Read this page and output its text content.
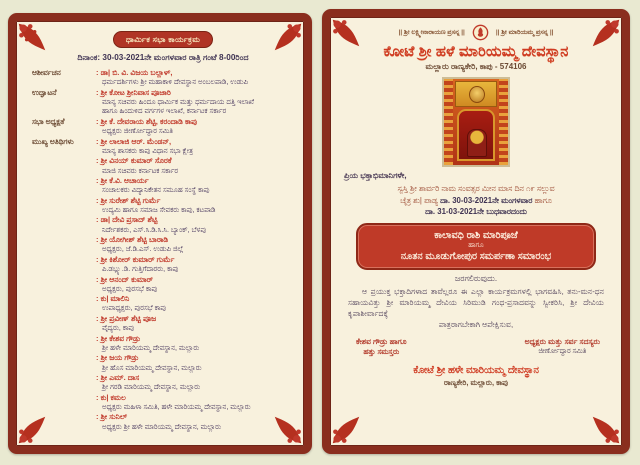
ಧಾರ್ಮಿಕ ಸಭಾ ಕಾರ್ಯಕ್ರಮ
ದಿನಾಂಕ: 30-03-2021ನೇ ಮಂಗಳವಾರ ರಾತ್ರಿ ಗಂಟೆ 8-00ರಿಂದ
ಆಶೀರ್ವಚನ	: ಡಾ| ಬಿ. ವಿ. ವಿಜಯ ಬಲ್ಲಾಳ್,
ಧರ್ಮದರ್ಶಿಗಳು ಶ್ರೀ ಮಹಾಕಾಳಿ ದೇವಸ್ಥಾನ ಅಂಬಲಪಾಡಿ, ಉಡುಪಿ
ಉದ್ಘಾಟನೆ	: ಶ್ರೀ ಕೋಟ ಶ್ರೀನಿವಾಸ ಪೂಜಾರಿ
ಮಾನ್ಯ ಸಚಿವರು ಹಿಂದೂ ಧಾರ್ಮಿಕ ಮತ್ತು ಧರ್ಮದಾಯ ದತ್ತಿ ಇಲಾಖೆ
ಹಾಗೂ ಹಿಂದುಳಿದ ವರ್ಗಗಳ ಇಲಾಖೆ, ಕರ್ನಾಟಕ ಸರ್ಕಾರ
ಸಭಾ ಅಧ್ಯಕ್ಷತೆ	: ಶ್ರೀ ಕೆ. ದೇವರಾಯ ಶೆಟ್ಟಿ, ಕರಂದಾಡಿ ಕಾಪು
ಅಧ್ಯಕ್ಷರು ಜೀರ್ಣೋದ್ಧಾರ ಸಮಿತಿ
ಮುಖ್ಯ ಅತಿಥಿಗಳು	: ಶ್ರೀ ಲಾಲಾಜಿ ಆರ್. ಮೆಂಡನ್,
ಮಾನ್ಯ ಶಾಸಕರು ಕಾಪು ವಿಧಾನ ಸಭಾ ಕ್ಷೇತ್ರ
: ಶ್ರೀ ವಿನಯ್ ಕುಮಾರ್ ಸೊರಕೆ
ಮಾಜಿ ಸಚಿವರು ಕರ್ನಾಟಕ ಸರ್ಕಾರ
: ಶ್ರೀ ಕೆ.ವಿ. ಆಚಾರ್ಯ
ಸಂಚಾಲಕರು ವಿದ್ಯಾನಿಕೇತನ ಸಮೂಹ ಸಂಸ್ಥೆ ಕಾಪು
: ಶ್ರೀ ಸುರೇಶ್ ಶೆಟ್ಟಿ ಗುರ್ಮೆ
ಉದ್ಯಮಿ ಹಾಗೂ ಸಮಾಜ ಸೇವಕರು ಕಾಪು, ಕಟಪಾಡಿ
: ಡಾ| ದೇವಿ ಪ್ರಸಾದ್ ಶೆಟ್ಟಿ
ನಿರ್ದೇಶಕರು, ಎಸ್.ಸಿ.ಡಿ.ಸಿ.ಸಿ. ಬ್ಯಾಂಕ್, ಬೆಳಪು
: ಶ್ರೀ ಯೋಗೀಶ್ ಶೆಟ್ಟಿ ಬಾರಾಡಿ
ಅಧ್ಯಕ್ಷರು, ಜೆ.ಡಿ.ಎಸ್. ಉಡುಪಿ ಜಿಲ್ಲೆ
: ಶ್ರೀ ಕಿಶೋರ್ ಕುಮಾರ್ ಗುರ್ಮೆ
ಪಿ.ಡಬ್ಲ್ಯು.ಡಿ. ಗುತ್ತಿಗೆದಾರರು, ಕಾಪು
: ಶ್ರೀ ಆನಂದ್ ಕುಮಾರ್
ಅಧ್ಯಕ್ಷರು, ಪುರಸಭೆ ಕಾಪು
: ಕು| ಮಾಲಿನಿ
ಉಪಾಧ್ಯಕ್ಷರು, ಪುರಸಭೆ ಕಾಪು
: ಶ್ರೀ ಪ್ರವೀಣ್ ಶೆಟ್ಟಿ ಪೂಜ
ವೈದ್ಯರು, ಕಾಪು
: ಶ್ರೀ ಕೇಶವ ಗೌಡ್ರು
ಶ್ರೀ ಹಳೇ ಮಾರಿಯಮ್ಮ ದೇವಸ್ಥಾನ, ಮಲ್ಲಾರು
: ಶ್ರೀ ಜಯ ಗೌಡ್ರು
ಶ್ರೀ ಹೊಸ ಮಾರಿಯಮ್ಮ ದೇವಸ್ಥಾನ, ಮಲ್ಲಾರು
: ಶ್ರೀ ಎಮ್. ದಾಸ
ಶ್ರೀ ಗರಡಿ ಮಾರಿಯಮ್ಮ ದೇವಸ್ಥಾನ, ಮಲ್ಲಾರು
: ಕು| ಕಮಲ
ಅಧ್ಯಕ್ಷರು ಮಹಿಳಾ ಸಮಿತಿ, ಹಳೇ ಮಾರಿಯಮ್ಮ ದೇವಸ್ಥಾನ, ಮಲ್ಲಾರು
: ಶ್ರೀ ಸುನಿಲ್
ಅಧ್ಯಕ್ಷರು ಶ್ರೀ ಹಳೇ ಮಾರಿಯಮ್ಮ ದೇವಸ್ಥಾನ, ಮಲ್ಲಾರು
|| ಶ್ರೀ ಲಕ್ಷ್ಮೀನಾರಾಯಣ ಪ್ರಸನ್ನ ||	|| ಶ್ರೀ ಮಾರಿಯಮ್ಮ ಪ್ರಸನ್ನ ||
ಕೋಟೆ ಶ್ರೀ ಹಳೆ ಮಾರಿಯಮ್ಮ ದೇವಸ್ಥಾನ
ಮಲ್ಲಾರು ರಾಣ್ಯಕೇರಿ, ಕಾಪು - 574106
ಪ್ರಿಯ ಭಕ್ತಾಭಿಮಾನಿಗಳೇ,
ಸ್ವಸ್ತಿ ಶ್ರೀ ಶಾರ್ವರಿ ನಾಮ ಸಂವತ್ಸರ ಮೀನ ಮಾಸ ದಿನ ೧೯ ಸಲ್ಲುವ
ಚೈತ್ರ ಶು| ಪಾಡ್ಯ ದಾ. 30-03-2021ನೇ ಮಂಗಳವಾರ ಹಾಗೂ
ದಾ. 31-03-2021ನೇ ಬುಧವಾರದಂದು
ಕಾಲಾವಧಿ ರಾಶಿ ಮಾರಿಪೂಜೆ
ಹಾಗೂ
ನೂತನ ಮೂಡುಗೋಪುರ ಸಮರ್ಪಣಾ ಸಮಾರಂಭ
ಜರಗಲಿರುವುದು.
ಆ ಪ್ರಯುಕ್ತ ಭಕ್ತಾದಿಗಳಾದ ತಾವೆಲ್ಲರೂ ಈ ಎಲ್ಲಾ ಕಾರ್ಯಕ್ರಮಗಳಲ್ಲಿ ಭಾಗವಹಿಸಿ, ತನು-ಮನ-ಧನ ಸಹಾಯವಿತ್ತು ಶ್ರೀ ಮಾರಿಯಮ್ಮ ದೇವಿಯ ಸಿರಿಮುಡಿ ಗಂಧ-ಪ್ರಸಾದವನ್ನು ಸ್ವೀಕರಿಸಿ, ಶ್ರೀ ದೇವಿಯ ಕೃಪಾಶೀರ್ವಾದಕ್ಕೆ
ಪಾತ್ರರಾಗಬೇಕಾಗಿ ಆಪೇಕ್ಷಿಸುವ,
ಕೇಶವ ಗೌಡ್ರು ಹಾಗೂ
ಹತ್ತು ಸಮಸ್ತರು
ಅಧ್ಯಕ್ಷರು ಮತ್ತು ಸರ್ವ ಸದಸ್ಯರು
ಜೀರ್ಣೋದ್ಧಾರ ಸಮಿತಿ
ಕೋಟೆ ಶ್ರೀ ಹಳೇ ಮಾರಿಯಮ್ಮ ದೇವಸ್ಥಾನ
ರಾಣ್ಯಕೇರಿ, ಮಲ್ಲಾರು, ಕಾಪು
